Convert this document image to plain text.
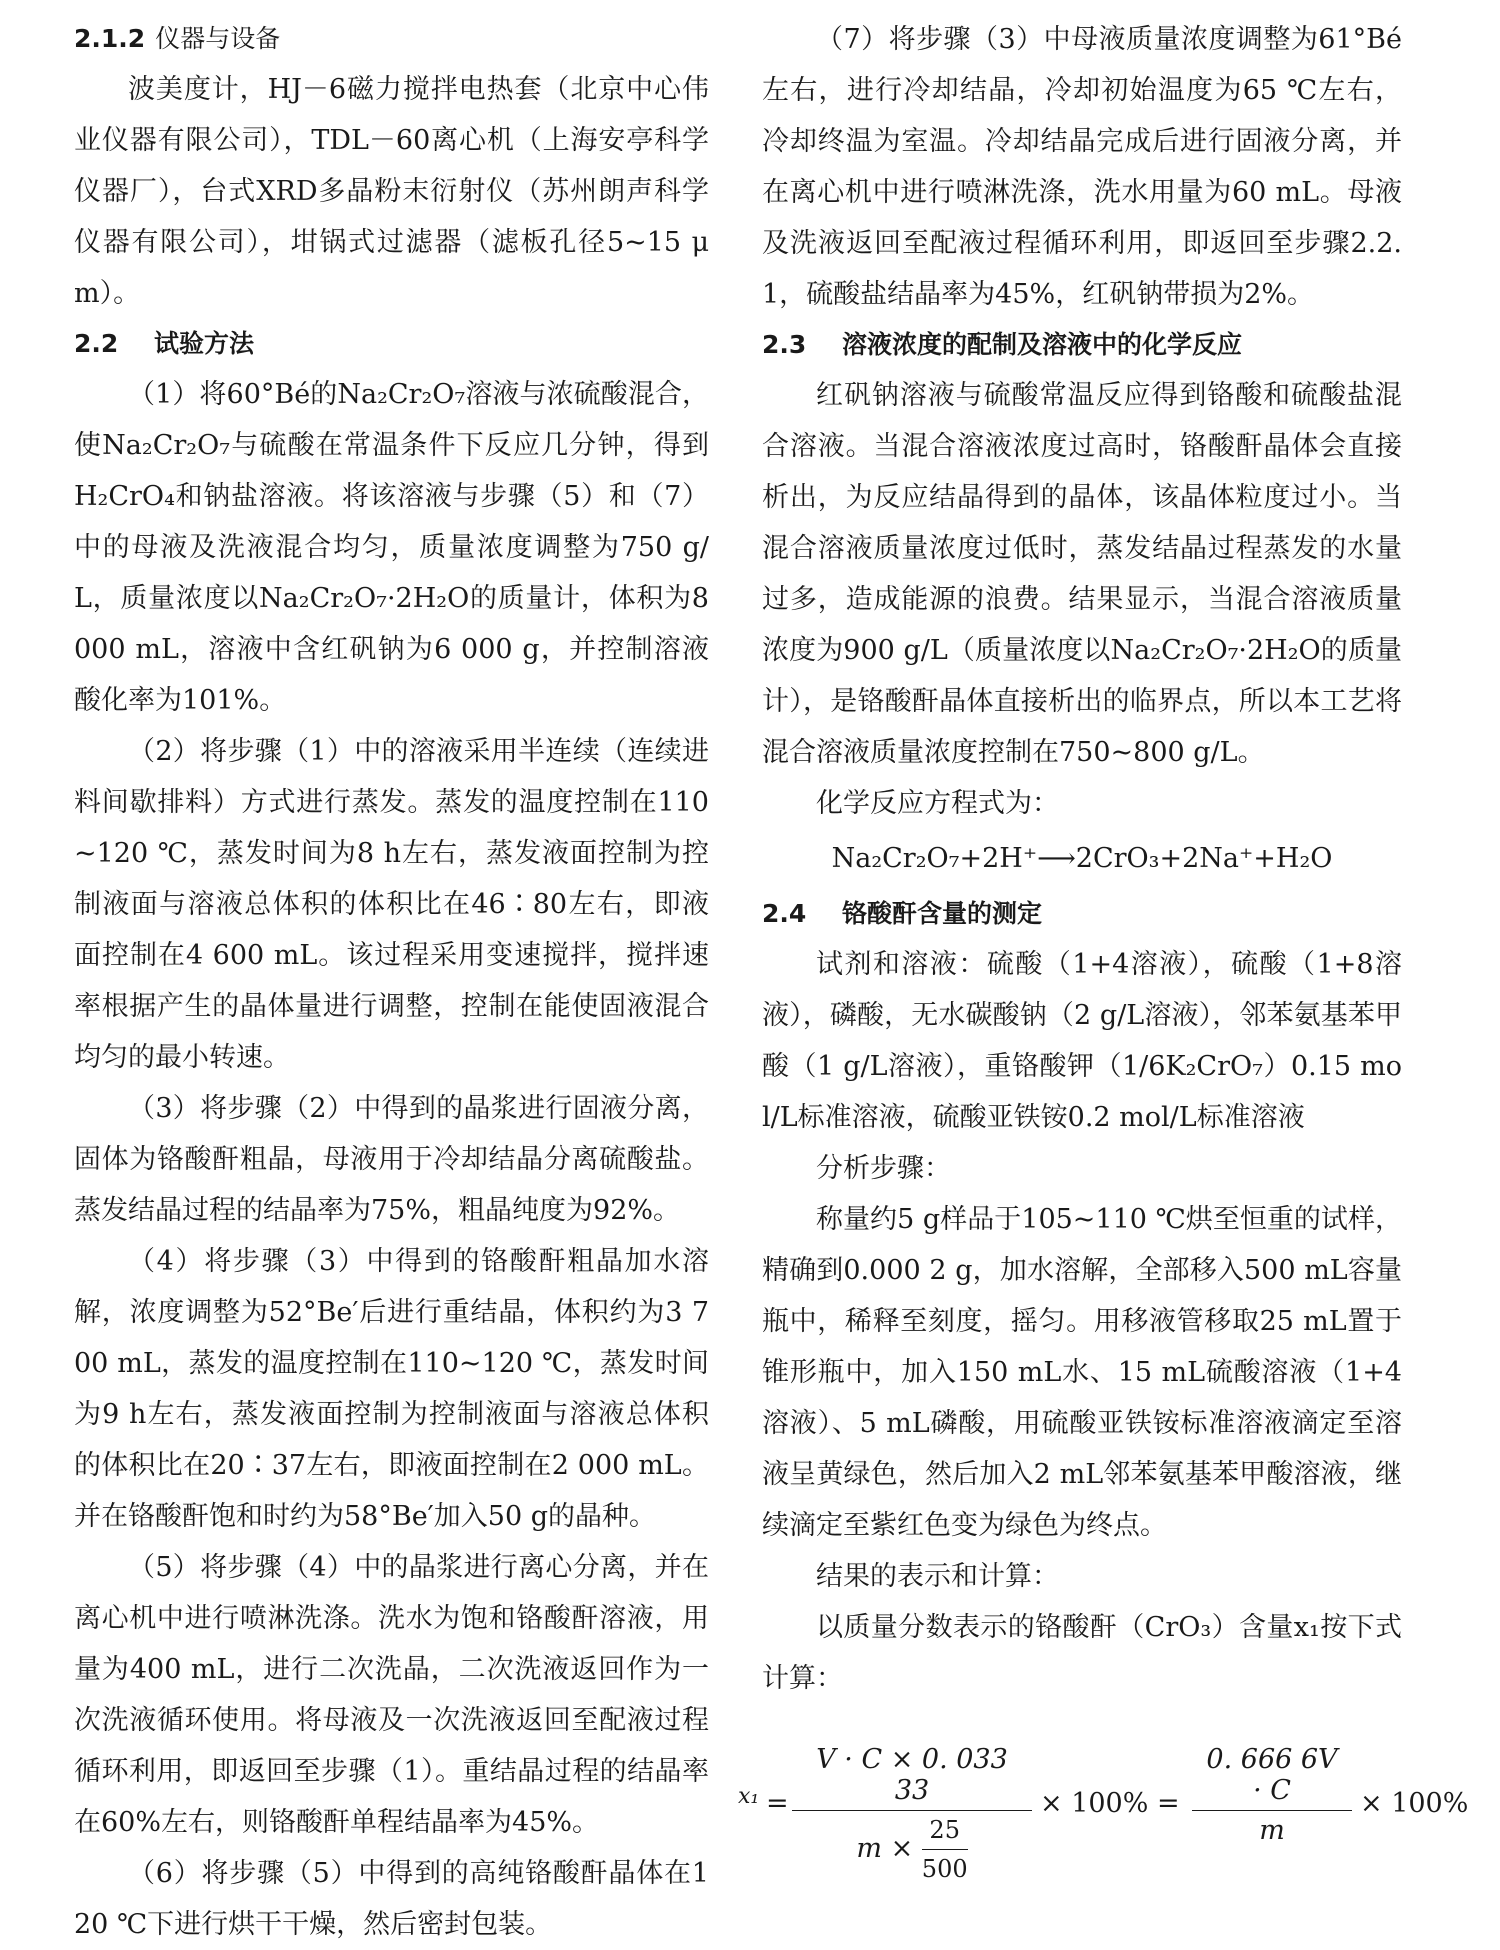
2.1.2 仪器与设备

波美度计，HJ－6磁力搅拌电热套（北京中心伟业仪器有限公司），TDL－60离心机（上海安亭科学仪器厂），台式XRD多晶粉末衍射仪（苏州朗声科学仪器有限公司），坩锅式过滤器（滤板孔径5~15 μm）。

2.2 试验方法

（1）将60°Bé的Na₂Cr₂O₇溶液与浓硫酸混合，使Na₂Cr₂O₇与硫酸在常温条件下反应几分钟，得到H₂CrO₄和钠盐溶液。将该溶液与步骤（5）和（7）中的母液及洗液混合均匀，质量浓度调整为750 g/L，质量浓度以Na₂Cr₂O₇·2H₂O的质量计，体积为8 000 mL，溶液中含红矾钠为6 000 g，并控制溶液酸化率为101%。

（2）将步骤（1）中的溶液采用半连续（连续进料间歇排料）方式进行蒸发。蒸发的温度控制在110~120 ℃，蒸发时间为8 h左右，蒸发液面控制为控制液面与溶液总体积的体积比在46∶80左右，即液面控制在4 600 mL。该过程采用变速搅拌，搅拌速率根据产生的晶体量进行调整，控制在能使固液混合均匀的最小转速。

（3）将步骤（2）中得到的晶浆进行固液分离，固体为铬酸酐粗晶，母液用于冷却结晶分离硫酸盐。蒸发结晶过程的结晶率为75%，粗晶纯度为92%。

（4）将步骤（3）中得到的铬酸酐粗晶加水溶解，浓度调整为52°Be′后进行重结晶，体积约为3 700 mL，蒸发的温度控制在110~120 ℃，蒸发时间为9 h左右，蒸发液面控制为控制液面与溶液总体积的体积比在20∶37左右，即液面控制在2 000 mL。并在铬酸酐饱和时约为58°Be′加入50 g的晶种。

（5）将步骤（4）中的晶浆进行离心分离，并在离心机中进行喷淋洗涤。洗水为饱和铬酸酐溶液，用量为400 mL，进行二次洗晶，二次洗液返回作为一次洗液循环使用。将母液及一次洗液返回至配液过程循环利用，即返回至步骤（1）。重结晶过程的结晶率在60%左右，则铬酸酐单程结晶率为45%。

（6）将步骤（5）中得到的高纯铬酸酐晶体在120 ℃下进行烘干干燥，然后密封包装。

（7）将步骤（3）中母液质量浓度调整为61°Bé左右，进行冷却结晶，冷却初始温度为65 ℃左右，冷却终温为室温。冷却结晶完成后进行固液分离，并在离心机中进行喷淋洗涤，洗水用量为60 mL。母液及洗液返回至配液过程循环利用，即返回至步骤2.2.1，硫酸盐结晶率为45%，红矾钠带损为2%。

2.3 溶液浓度的配制及溶液中的化学反应

红矾钠溶液与硫酸常温反应得到铬酸和硫酸盐混合溶液。当混合溶液浓度过高时，铬酸酐晶体会直接析出，为反应结晶得到的晶体，该晶体粒度过小。当混合溶液质量浓度过低时，蒸发结晶过程蒸发的水量过多，造成能源的浪费。结果显示，当混合溶液质量浓度为900 g/L（质量浓度以Na₂Cr₂O₇·2H₂O的质量计），是铬酸酐晶体直接析出的临界点，所以本工艺将混合溶液质量浓度控制在750~800 g/L。

化学反应方程式为：

Na₂Cr₂O₇+2H⁺⟶2CrO₃+2Na⁺+H₂O
2.4 铬酸酐含量的测定

试剂和溶液：硫酸（1+4溶液），硫酸（1+8溶液），磷酸，无水碳酸钠（2 g/L溶液），邻苯氨基苯甲酸（1 g/L溶液），重铬酸钾（1/6K₂CrO₇）0.15 mol/L标准溶液，硫酸亚铁铵0.2 mol/L标准溶液

分析步骤：

称量约5 g样品于105~110 ℃烘至恒重的试样，精确到0.000 2 g，加水溶解，全部移入500 mL容量瓶中，稀释至刻度，摇匀。用移液管移取25 mL置于锥形瓶中，加入150 mL水、15 mL硫酸溶液（1+4溶液）、5 mL磷酸，用硫酸亚铁铵标准溶液滴定至溶液呈黄绿色，然后加入2 mL邻苯氨基苯甲酸溶液，继续滴定至紫红色变为绿色为终点。

结果的表示和计算：

以质量分数表示的铬酸酐（CrO₃）含量x₁按下式计算：

x₁ =
V · C × 0. 033 33
$m \times \frac{25}{500}$
× 100% =
0. 666 6V · C
m
× 100%
